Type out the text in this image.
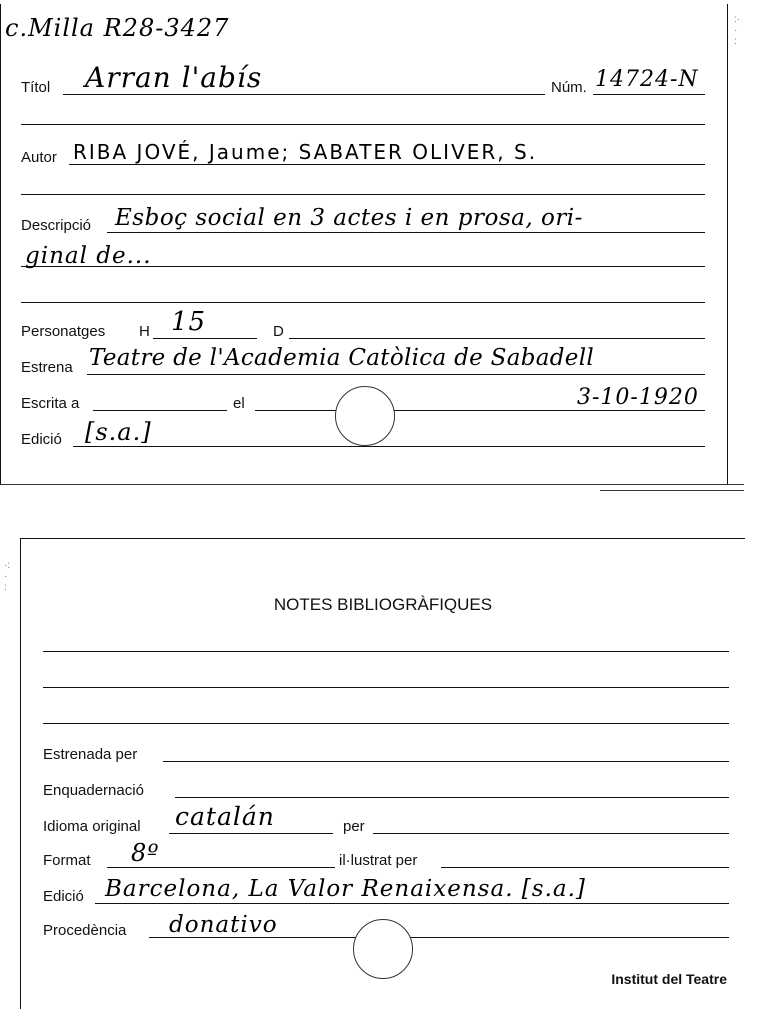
c.Milla R28-3427
Títol Arran l'abís	Núm. 14724-N
Autor RIBA JOVÉ, Jaume; SABATER OLIVER, S.
Descripció Esboç social en 3 actes i en prosa, ori-
ginal de...
Personatges H 15	D
Estrena Teatre de l'Academia Catòlica de Sabadell
Escrita a	el	3-10-1920
Edició [s.a.]
NOTES BIBLIOGRÀFIQUES
Estrenada per
Enquadernació
Idioma original catalán	per
Format 8º	il·lustrat per
Edició Barcelona, La Valor Renaixensa. [s.a.]
Procedència donativo
Institut del Teatre
·:
·
:
:·
·
:
